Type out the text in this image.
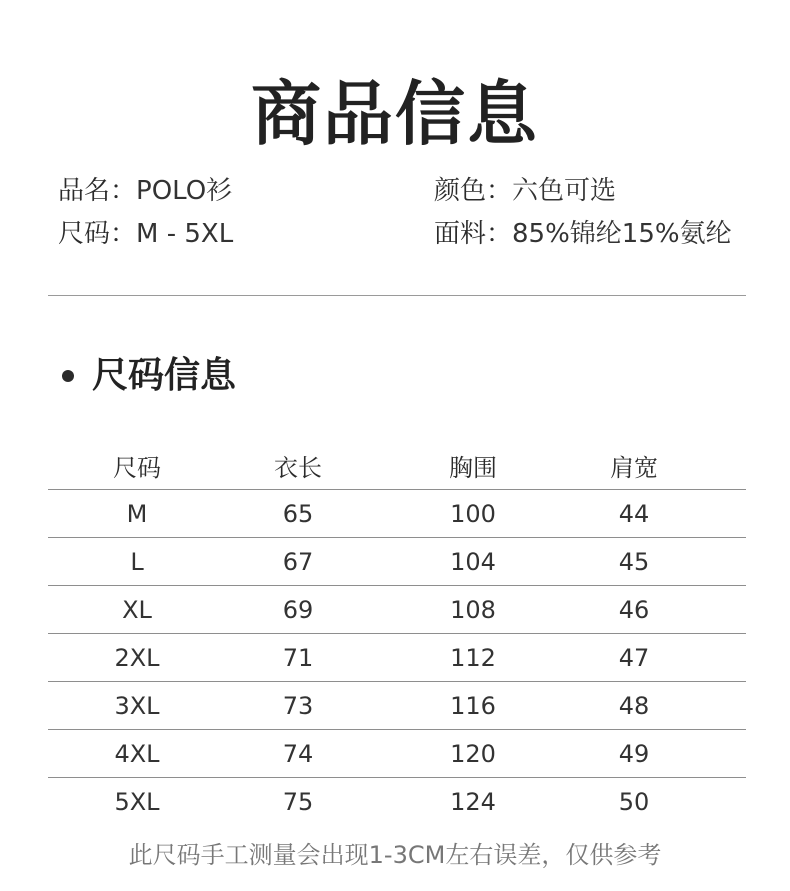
商品信息
品名：POLO衫	颜色：六色可选
尺码：M - 5XL	面料：85%锦纶15%氨纶
尺码信息
尺码	衣长	胸围	肩宽
M	65	100	44
L	67	104	45
XL	69	108	46
2XL	71	112	47
3XL	73	116	48
4XL	74	120	49
5XL	75	124	50
此尺码手工测量会出现1-3CM左右误差，仅供参考
